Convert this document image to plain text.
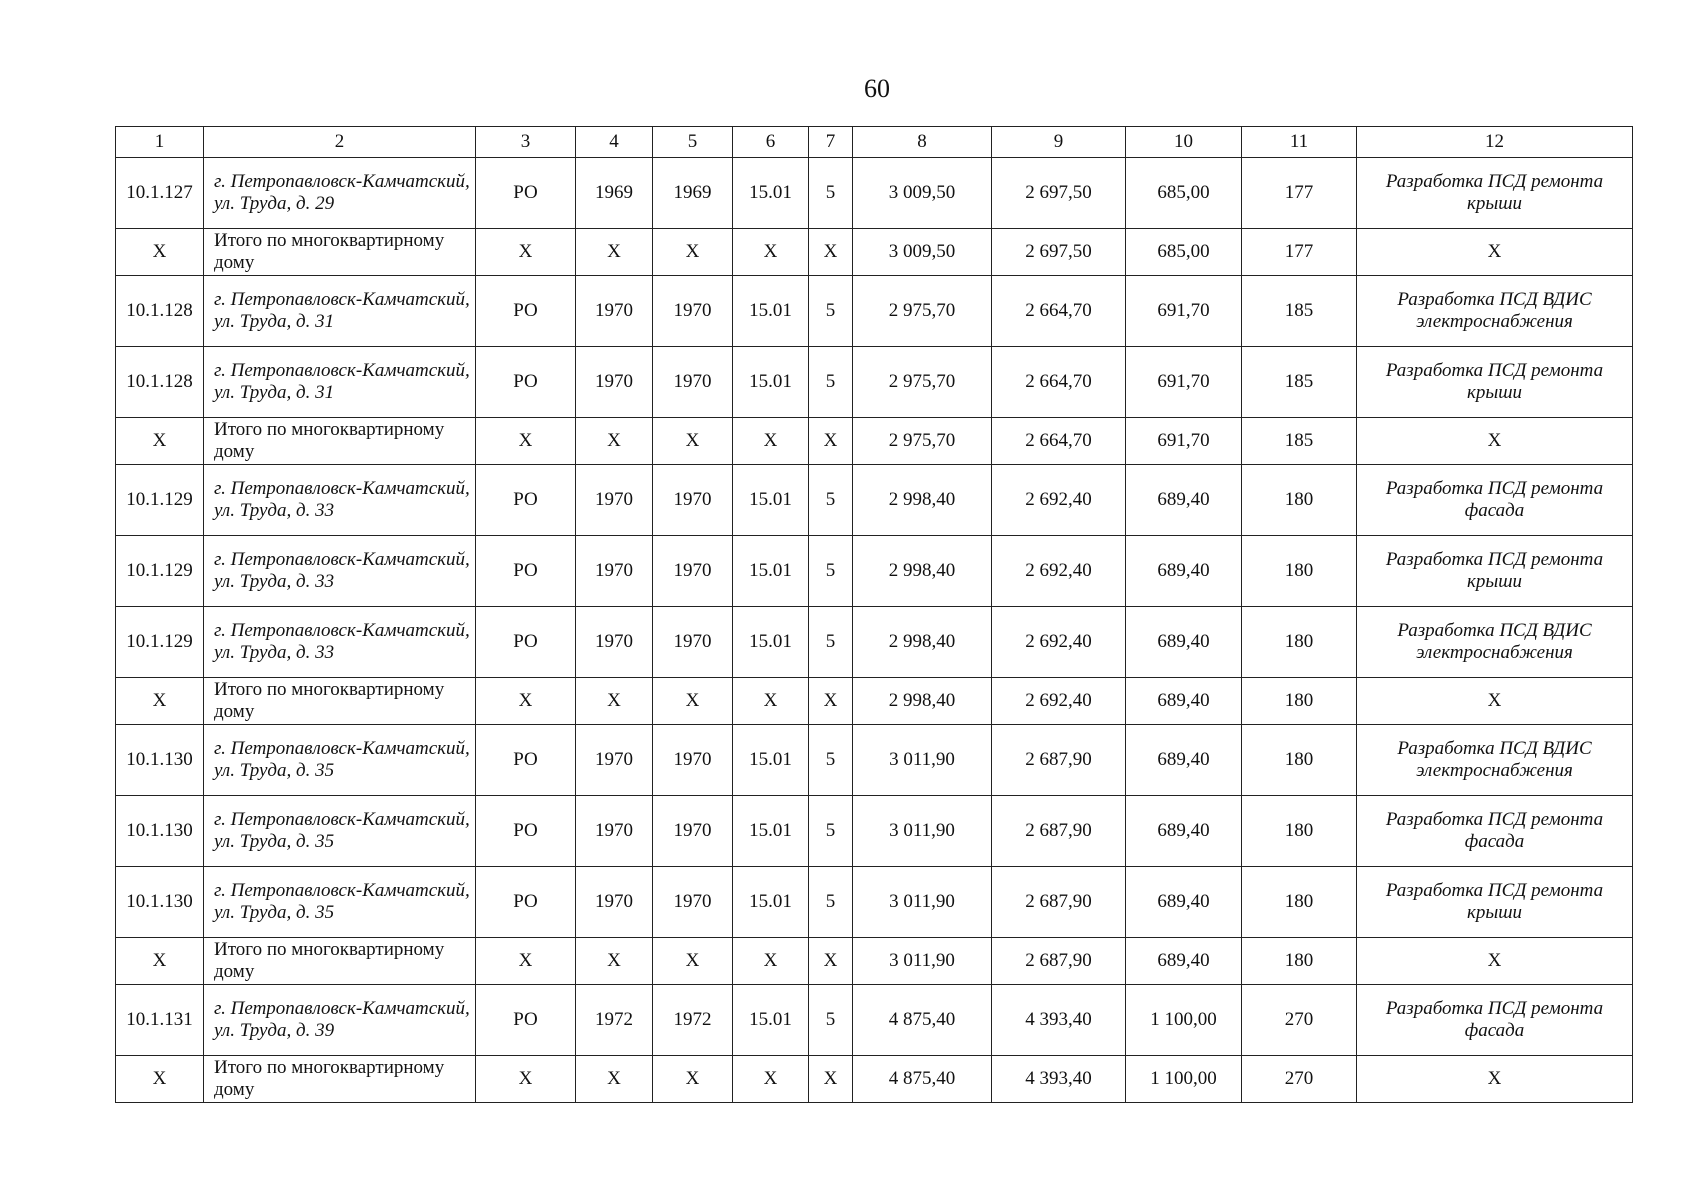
60
1	2	3	4	5	6	7	8	9	10	11	12
10.1.127	г. Петропавловск-Камчатский, ул. Труда, д. 29	РО	1969	1969	15.01	5	3 009,50	2 697,50	685,00	177	Разработка ПСД ремонта крыши
X	Итого по многоквартирному дому	X	X	X	X	X	3 009,50	2 697,50	685,00	177	X
10.1.128	г. Петропавловск-Камчатский, ул. Труда, д. 31	РО	1970	1970	15.01	5	2 975,70	2 664,70	691,70	185	Разработка ПСД ВДИС электроснабжения
10.1.128	г. Петропавловск-Камчатский, ул. Труда, д. 31	РО	1970	1970	15.01	5	2 975,70	2 664,70	691,70	185	Разработка ПСД ремонта крыши
X	Итого по многоквартирному дому	X	X	X	X	X	2 975,70	2 664,70	691,70	185	X
10.1.129	г. Петропавловск-Камчатский, ул. Труда, д. 33	РО	1970	1970	15.01	5	2 998,40	2 692,40	689,40	180	Разработка ПСД ремонта фасада
10.1.129	г. Петропавловск-Камчатский, ул. Труда, д. 33	РО	1970	1970	15.01	5	2 998,40	2 692,40	689,40	180	Разработка ПСД ремонта крыши
10.1.129	г. Петропавловск-Камчатский, ул. Труда, д. 33	РО	1970	1970	15.01	5	2 998,40	2 692,40	689,40	180	Разработка ПСД ВДИС электроснабжения
X	Итого по многоквартирному дому	X	X	X	X	X	2 998,40	2 692,40	689,40	180	X
10.1.130	г. Петропавловск-Камчатский, ул. Труда, д. 35	РО	1970	1970	15.01	5	3 011,90	2 687,90	689,40	180	Разработка ПСД ВДИС электроснабжения
10.1.130	г. Петропавловск-Камчатский, ул. Труда, д. 35	РО	1970	1970	15.01	5	3 011,90	2 687,90	689,40	180	Разработка ПСД ремонта фасада
10.1.130	г. Петропавловск-Камчатский, ул. Труда, д. 35	РО	1970	1970	15.01	5	3 011,90	2 687,90	689,40	180	Разработка ПСД ремонта крыши
X	Итого по многоквартирному дому	X	X	X	X	X	3 011,90	2 687,90	689,40	180	X
10.1.131	г. Петропавловск-Камчатский, ул. Труда, д. 39	РО	1972	1972	15.01	5	4 875,40	4 393,40	1 100,00	270	Разработка ПСД ремонта фасада
X	Итого по многоквартирному дому	X	X	X	X	X	4 875,40	4 393,40	1 100,00	270	X
